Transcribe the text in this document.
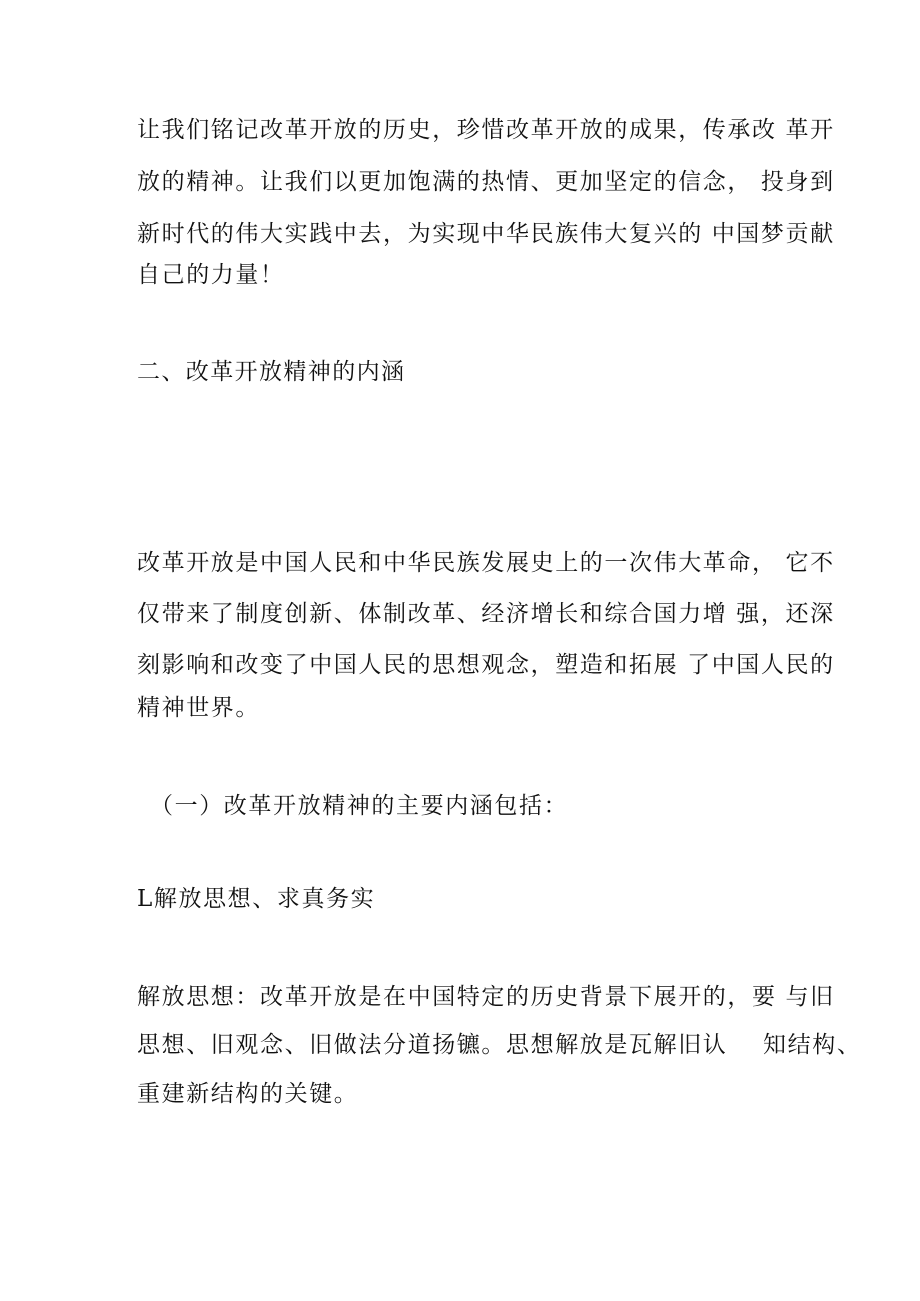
让我们铭记改革开放的历史，珍惜改革开放的成果，传承改 革开
放的精神。让我们以更加饱满的热情、更加坚定的信念， 投身到
新时代的伟大实践中去，为实现中华民族伟大复兴的 中国梦贡献
自己的力量！
二、改革开放精神的内涵
改革开放是中国人民和中华民族发展史上的一次伟大革命， 它不
仅带来了制度创新、体制改革、经济增长和综合国力增 强，还深
刻影响和改变了中国人民的思想观念，塑造和拓展 了中国人民的
精神世界。
（一）改革开放精神的主要内涵包括：
L解放思想、求真务实
解放思想：改革开放是在中国特定的历史背景下展开的，要 与旧
思想、旧观念、旧做法分道扬镳。思想解放是瓦解旧认    知结构、
重建新结构的关键。
